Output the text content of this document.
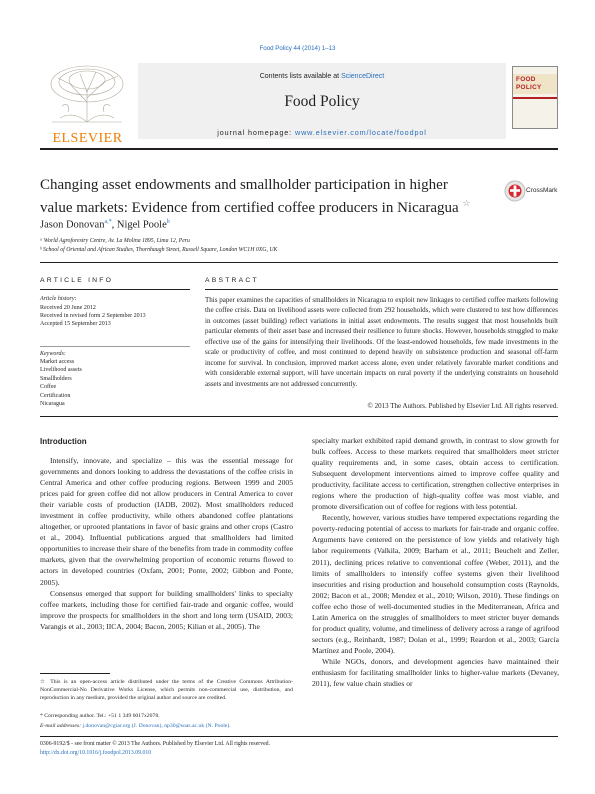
Food Policy 44 (2014) 1–13
ELSEVIER
Contents lists available at ScienceDirect
Food Policy
journal homepage: www.elsevier.com/locate/foodpol
FOOD
POLICY
Changing asset endowments and smallholder participation in higher value markets: Evidence from certified coffee producers in Nicaragua ☆
CrossMark
Jason Donovan$^{a,*}$, Nigel Poole$^b$
ᵃ World Agroforestry Centre, Av. La Molina 1895, Lima 12, Peru
ᵇ School of Oriental and African Studies, Thornhaugh Street, Russell Square, London WC1H 0XG, UK
ARTICLE INFO
Article history:
Received 20 June 2012
Received in revised form 2 September 2013
Accepted 15 September 2013
Keywords:
Market access
Livelihood assets
Smallholders
Coffee
Certification
Nicaragua
ABSTRACT
This paper examines the capacities of smallholders in Nicaragua to exploit new linkages to certified coffee markets following the coffee crisis. Data on livelihood assets were collected from 292 households, which were clustered to test how differences in outcomes (asset building) reflect variations in initial asset endowments. The results suggest that most households built particular elements of their asset base and increased their resilience to future shocks. However, households struggled to make effective use of the gains for intensifying their livelihoods. Of the least-endowed households, few made investments in the scale or productivity of coffee, and most continued to depend heavily on subsistence production and seasonal off-farm income for survival. In conclusion, improved market access alone, even under relatively favorable market conditions and with considerable external support, will have uncertain impacts on rural poverty if the underlying constraints on household assets and investments are not addressed concurrently.
© 2013 The Authors. Published by Elsevier Ltd. All rights reserved.
Introduction

Intensify, innovate, and specialize – this was the essential message for governments and donors looking to address the devastations of the coffee crisis in Central America and other coffee producing regions. Between 1999 and 2005 prices paid for green coffee did not allow producers in Central America to cover their variable costs of production (IADB, 2002). Most smallholders reduced investment in coffee productivity, while others abandoned coffee plantations altogether, or uprooted plantations in favor of basic grains and other crops (Castro et al., 2004). Influential publications argued that smallholders had limited opportunities to increase their share of the benefits from trade in commodity coffee markets, given that the overwhelming proportion of economic returns flowed to actors in developed countries (Oxfam, 2001; Ponte, 2002; Gibbon and Ponte, 2005).

Consensus emerged that support for building smallholders' links to specialty coffee markets, including those for certified fair-trade and organic coffee, would improve the prospects for smallholders in the short and long term (USAID, 2003; Varangis et al., 2003; IICA, 2004; Bacon, 2005; Kilian et al., 2005). The

specialty market exhibited rapid demand growth, in contrast to slow growth for bulk coffees. Access to these markets required that smallholders meet stricter quality requirements and, in some cases, obtain access to certification. Subsequent development interventions aimed to improve coffee quality and productivity, facilitate access to certification, strengthen collective enterprises in regions where the production of high-quality coffee was most viable, and promote diversification out of coffee for regions with less potential.

Recently, however, various studies have tempered expectations regarding the poverty-reducing potential of access to markets for fair-trade and organic coffee. Arguments have centered on the persistence of low yields and relatively high labor requirements (Valkila, 2009; Barham et al., 2011; Beuchelt and Zeller, 2011), declining prices relative to conventional coffee (Weber, 2011), and the limits of smallholders to intensify coffee systems given their livelihood insecurities and rising production and household consumption costs (Raynolds, 2002; Bacon et al., 2008; Mendez et al., 2010; Wilson, 2010). These findings on coffee echo those of well-documented studies in the Mediterranean, Africa and Latin America on the struggles of smallholders to meet stricter buyer demands for product quality, volume, and timeliness of delivery across a range of agrifood sectors (e.g., Reinhardt, 1987; Dolan et al., 1999; Reardon et al., 2003; García Martínez and Poole, 2004).

While NGOs, donors, and development agencies have maintained their enthusiasm for facilitating smallholder links to higher-value markets (Devaney, 2011), few value chain studies or

☆ This is an open-access article distributed under the terms of the Creative Commons Attribution-NonCommercial-No Derivative Works License, which permits non-commercial use, distribution, and reproduction in any medium, provided the original author and source are credited.
* Corresponding author. Tel.: +51 1 349 6017x2078.
E-mail addresses: j.donovan@cgiar.org (J. Donovan), np30@soas.ac.uk (N. Poole).
0306-9192/$ - see front matter © 2013 The Authors. Published by Elsevier Ltd. All rights reserved.
http://dx.doi.org/10.1016/j.foodpol.2013.09.010
